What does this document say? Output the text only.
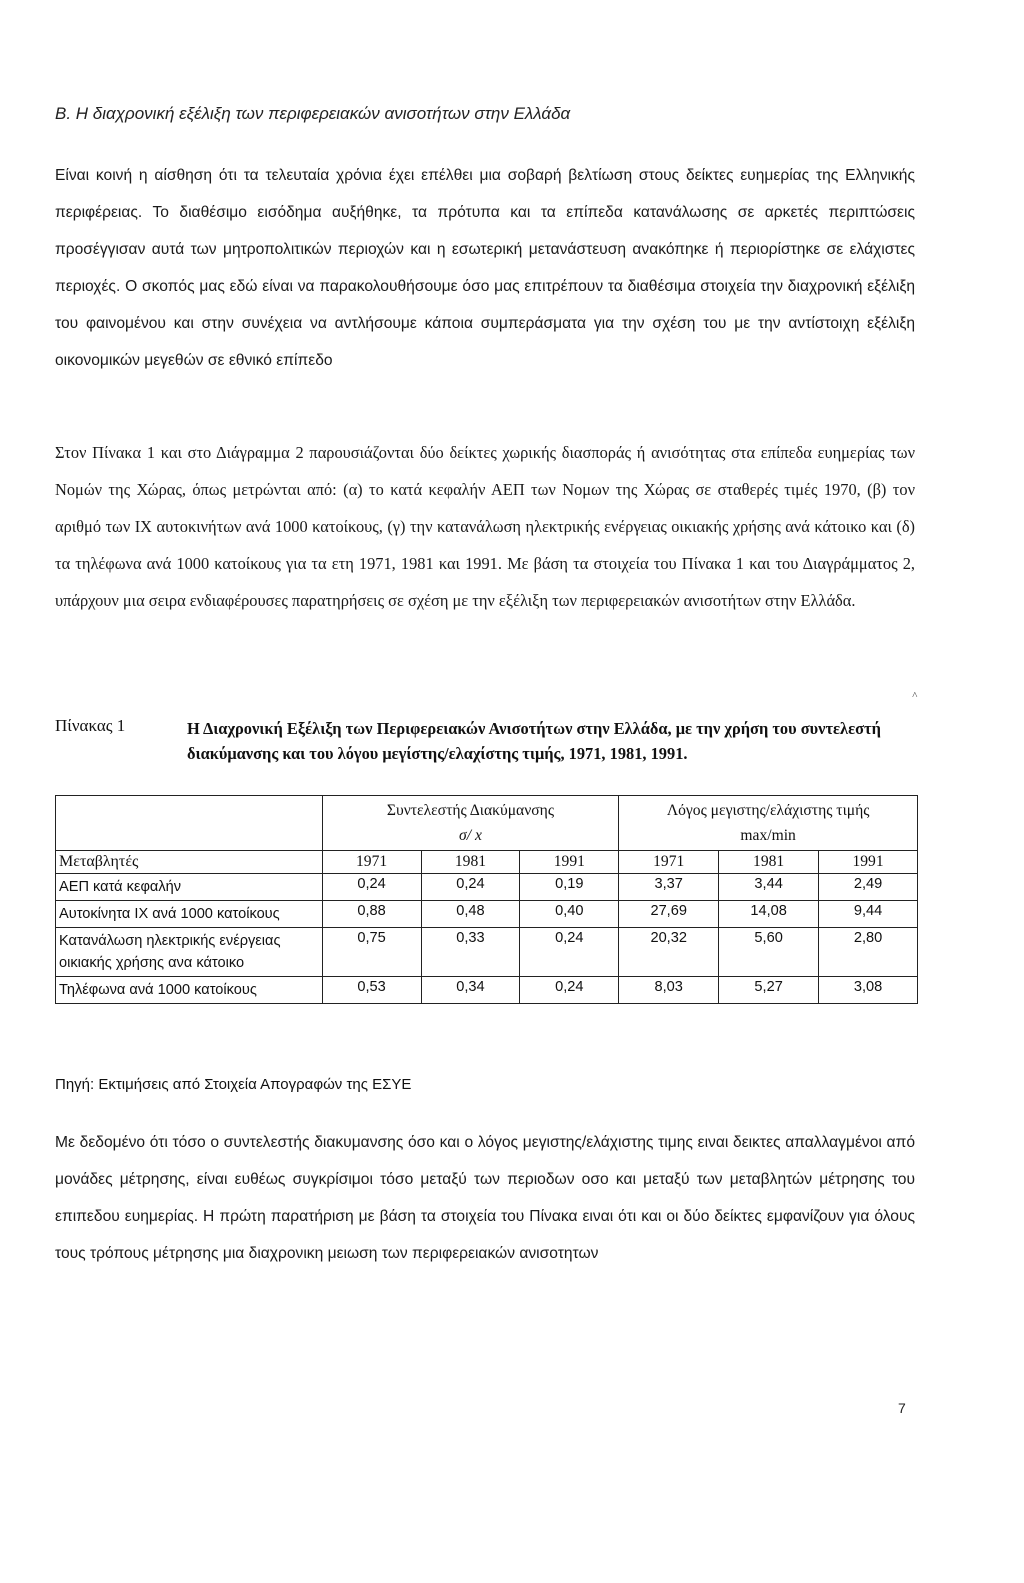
Β. Η διαχρονική εξέλιξη των περιφερειακών ανισοτήτων στην Ελλάδα

Είναι κοινή η αίσθηση ότι τα τελευταία χρόνια έχει επέλθει μια σοβαρή βελτίωση στους δείκτες ευημερίας της Ελληνικής περιφέρειας. Το διαθέσιμο εισόδημα αυξήθηκε, τα πρότυπα και τα επίπεδα κατανάλωσης σε αρκετές περιπτώσεις προσέγγισαν αυτά των μητροπολιτικών περιοχών και η εσωτερική μετανάστευση ανακόπηκε ή περιορίστηκε σε ελάχιστες περιοχές. Ο σκοπός μας εδώ είναι να παρακολουθήσουμε όσο μας επιτρέπουν τα διαθέσιμα στοιχεία την διαχρονική εξέλιξη του φαινομένου και στην συνέχεια να αντλήσουμε κάποια συμπεράσματα για την σχέση του με την αντίστοιχη εξέλιξη οικονομικών μεγεθών σε εθνικό επίπεδο

Στον Πίνακα 1 και στο Διάγραμμα 2 παρουσιάζονται δύο δείκτες χωρικής διασποράς ή ανισότητας στα επίπεδα ευημερίας των Νομών της Χώρας, όπως μετρώνται από: (α) το κατά κεφαλήν ΑΕΠ των Νομων της Χώρας σε σταθερές τιμές 1970, (β) τον αριθμό των ΙΧ αυτοκινήτων ανά 1000 κατοίκους, (γ) την κατανάλωση ηλεκτρικής ενέργειας οικιακής χρήσης ανά κάτοικο και (δ) τα τηλέφωνα ανά 1000 κατοίκους για τα ετη 1971, 1981 και 1991. Με βάση τα στοιχεία του Πίνακα 1 και του Διαγράμματος 2, υπάρχουν μια σειρα ενδιαφέρουσες παρατηρήσεις σε σχέση με την εξέλιξη των περιφερειακών ανισοτήτων στην Ελλάδα.

˄
Πίνακας 1	Η Διαχρονική Εξέλιξη των Περιφερειακών Ανισοτήτων στην Ελλάδα, με την χρήση του συντελεστή διακύμανσης και του λόγου μεγίστης/ελαχίστης τιμής, 1971, 1981, 1991.
	Συντελεστής Διακύμανσης
σ/ x			Λόγος μεγιστης/ελάχιστης τιμής
max/min		
Μεταβλητές	1971	1981	1991	1971	1981	1991
ΑΕΠ κατά κεφαλήν	0,24	0,24	0,19	3,37	3,44	2,49
Αυτοκίνητα ΙΧ ανά 1000 κατοίκους	0,88	0,48	0,40	27,69	14,08	9,44
Κατανάλωση ηλεκτρικής ενέργειας οικιακής χρήσης ανα κάτοικο	0,75	0,33	0,24	20,32	5,60	2,80
Τηλέφωνα ανά 1000 κατοίκους	0,53	0,34	0,24	8,03	5,27	3,08
Πηγή: Εκτιμήσεις από Στοιχεία Απογραφών της ΕΣΥΕ

Με δεδομένο ότι τόσο ο συντελεστής διακυμανσης όσο και ο λόγος μεγιστης/ελάχιστης τιμης ειναι δεικτες απαλλαγμένοι από μονάδες μέτρησης, είναι ευθέως συγκρίσιμοι τόσο μεταξύ των περιοδων οσο και μεταξύ των μεταβλητών μέτρησης του επιπεδου ευημερίας. Η πρώτη παρατήριση με βάση τα στοιχεία του Πίνακα ειναι ότι και οι δύο δείκτες εμφανίζουν για όλους τους τρόπους μέτρησης μια διαχρονικη μειωση των περιφερειακών ανισοτητων

7
